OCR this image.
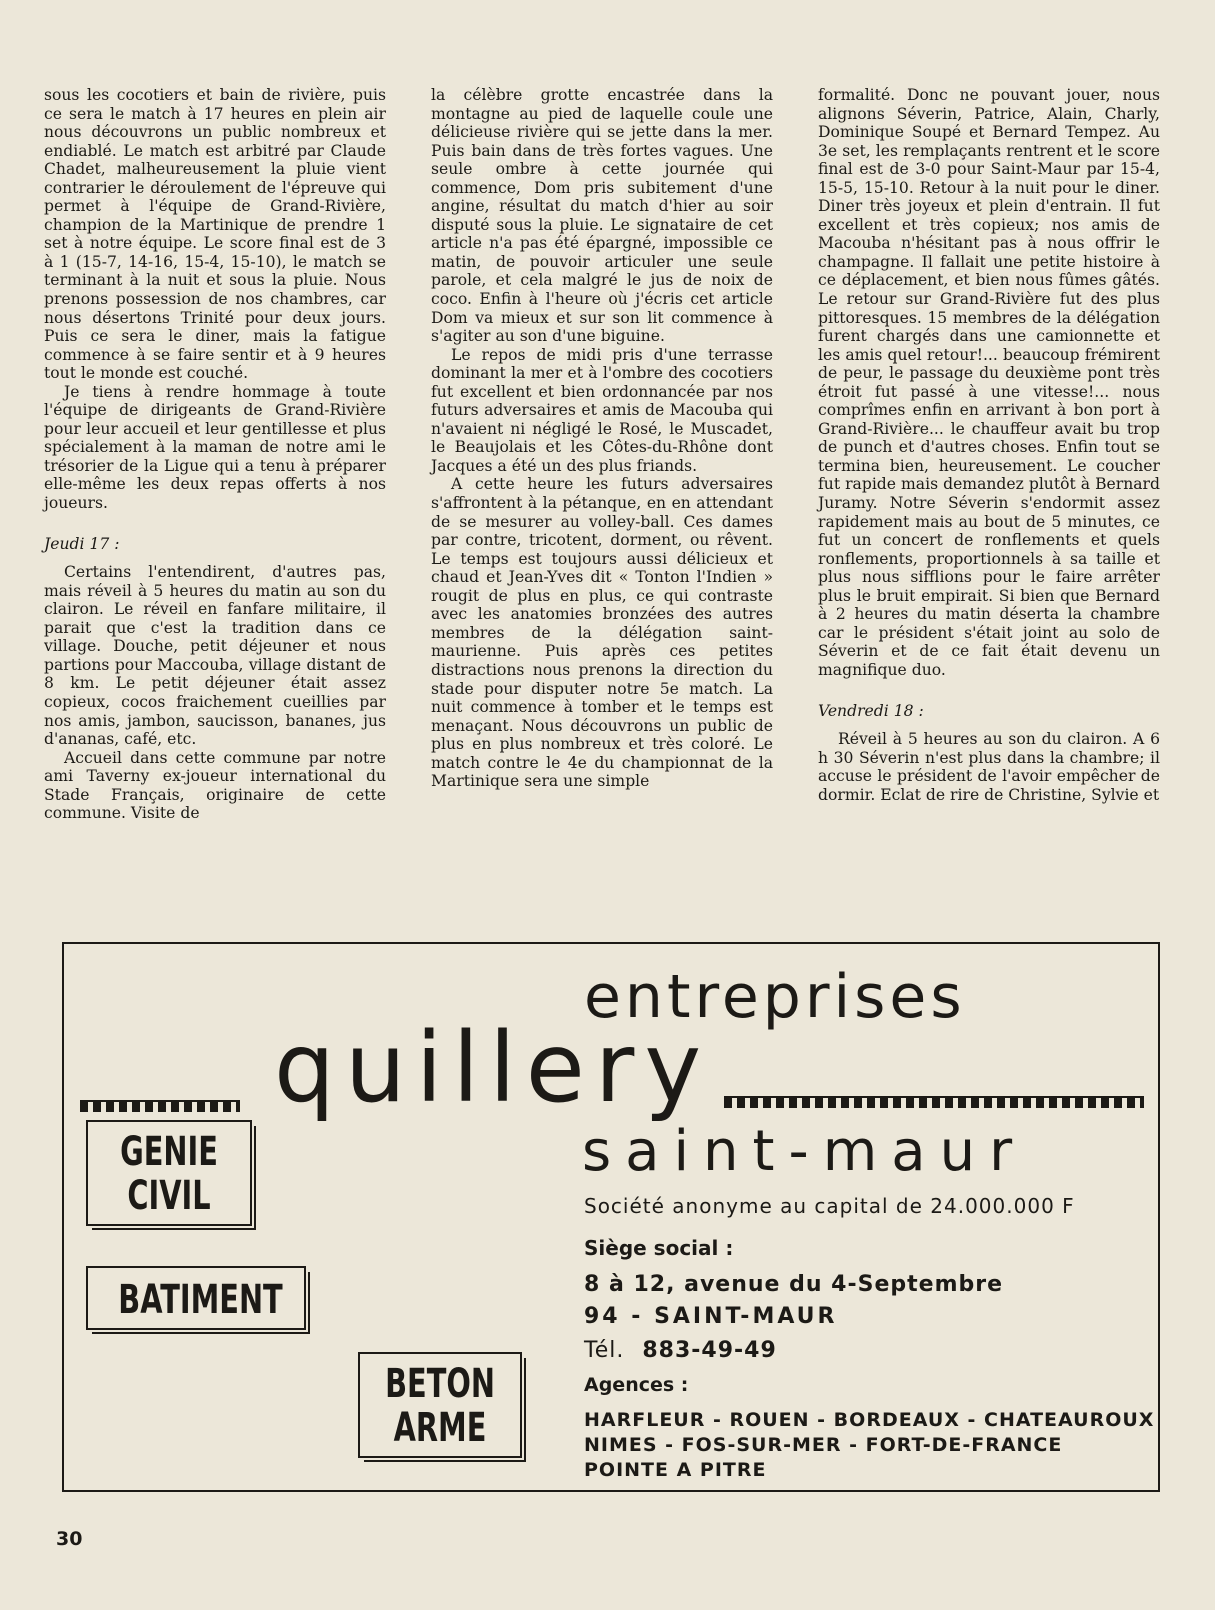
sous les cocotiers et bain de rivière, puis ce sera le match à 17 heures en plein air nous découvrons un public nombreux et endiablé. Le match est arbitré par Claude Chadet, malheureusement la pluie vient contrarier le déroulement de l'épreuve qui permet à l'équipe de Grand-Rivière, champion de la Martinique de prendre 1 set à notre équipe. Le score final est de 3 à 1 (15-7, 14-16, 15-4, 15-10), le match se terminant à la nuit et sous la pluie. Nous prenons possession de nos chambres, car nous désertons Trinité pour deux jours. Puis ce sera le diner, mais la fatigue commence à se faire sentir et à 9 heures tout le monde est couché.

Je tiens à rendre hommage à toute l'équipe de dirigeants de Grand-Rivière pour leur accueil et leur gentillesse et plus spécialement à la maman de notre ami le trésorier de la Ligue qui a tenu à préparer elle-même les deux repas offerts à nos joueurs.

Jeudi 17 :

Certains l'entendirent, d'autres pas, mais réveil à 5 heures du matin au son du clairon. Le réveil en fanfare militaire, il parait que c'est la tradition dans ce village. Douche, petit déjeuner et nous partions pour Maccouba, village distant de 8 km. Le petit déjeuner était assez copieux, cocos fraichement cueillies par nos amis, jambon, saucisson, bananes, jus d'ananas, café, etc.

Accueil dans cette commune par notre ami Taverny ex-joueur international du Stade Français, originaire de cette commune. Visite de

la célèbre grotte encastrée dans la montagne au pied de laquelle coule une délicieuse rivière qui se jette dans la mer. Puis bain dans de très fortes vagues. Une seule ombre à cette journée qui commence, Dom pris subitement d'une angine, résultat du match d'hier au soir disputé sous la pluie. Le signataire de cet article n'a pas été épargné, impossible ce matin, de pouvoir articuler une seule parole, et cela malgré le jus de noix de coco. Enfin à l'heure où j'écris cet article Dom va mieux et sur son lit commence à s'agiter au son d'une biguine.

Le repos de midi pris d'une terrasse dominant la mer et à l'ombre des cocotiers fut excellent et bien ordonnancée par nos futurs adversaires et amis de Macouba qui n'avaient ni négligé le Rosé, le Muscadet, le Beaujolais et les Côtes-du-Rhône dont Jacques a été un des plus friands.

A cette heure les futurs adversaires s'affrontent à la pétanque, en en attendant de se mesurer au volley-ball. Ces dames par contre, tricotent, dorment, ou rêvent. Le temps est toujours aussi délicieux et chaud et Jean-Yves dit « Tonton l'Indien » rougit de plus en plus, ce qui contraste avec les anatomies bronzées des autres membres de la délégation saint-maurienne. Puis après ces petites distractions nous prenons la direction du stade pour disputer notre 5e match. La nuit commence à tomber et le temps est menaçant. Nous découvrons un public de plus en plus nombreux et très coloré. Le match contre le 4e du championnat de la Martinique sera une simple

formalité. Donc ne pouvant jouer, nous alignons Séverin, Patrice, Alain, Charly, Dominique Soupé et Bernard Tempez. Au 3e set, les remplaçants rentrent et le score final est de 3-0 pour Saint-Maur par 15-4, 15-5, 15-10. Retour à la nuit pour le diner. Diner très joyeux et plein d'entrain. Il fut excellent et très copieux; nos amis de Macouba n'hésitant pas à nous offrir le champagne. Il fallait une petite histoire à ce déplacement, et bien nous fûmes gâtés. Le retour sur Grand-Rivière fut des plus pittoresques. 15 membres de la délégation furent chargés dans une camionnette et les amis quel retour!... beaucoup frémirent de peur, le passage du deuxième pont très étroit fut passé à une vitesse!... nous comprîmes enfin en arrivant à bon port à Grand-Rivière... le chauffeur avait bu trop de punch et d'autres choses. Enfin tout se termina bien, heureusement. Le coucher fut rapide mais demandez plutôt à Bernard Juramy. Notre Séverin s'endormit assez rapidement mais au bout de 5 minutes, ce fut un concert de ronflements et quels ronflements, proportionnels à sa taille et plus nous sifflions pour le faire arrêter plus le bruit empirait. Si bien que Bernard à 2 heures du matin déserta la chambre car le président s'était joint au solo de Séverin et de ce fait était devenu un magnifique duo.

Vendredi 18 :

Réveil à 5 heures au son du clairon. A 6 h 30 Séverin n'est plus dans la chambre; il accuse le président de l'avoir empêcher de dormir. Eclat de rire de Christine, Sylvie et

entreprises
quillery
saint-maur
Société anonyme au capital de 24.000.000 F
Siège social :
8 à 12, avenue du 4-Septembre
94 - SAINT-MAUR
Tél. 883-49-49
Agences :
HARFLEUR - ROUEN - BORDEAUX - CHATEAUROUX
NIMES - FOS-SUR-MER - FORT-DE-FRANCE
POINTE A PITRE
GENIE
CIVIL
BATIMENT
BETON
ARME
30
